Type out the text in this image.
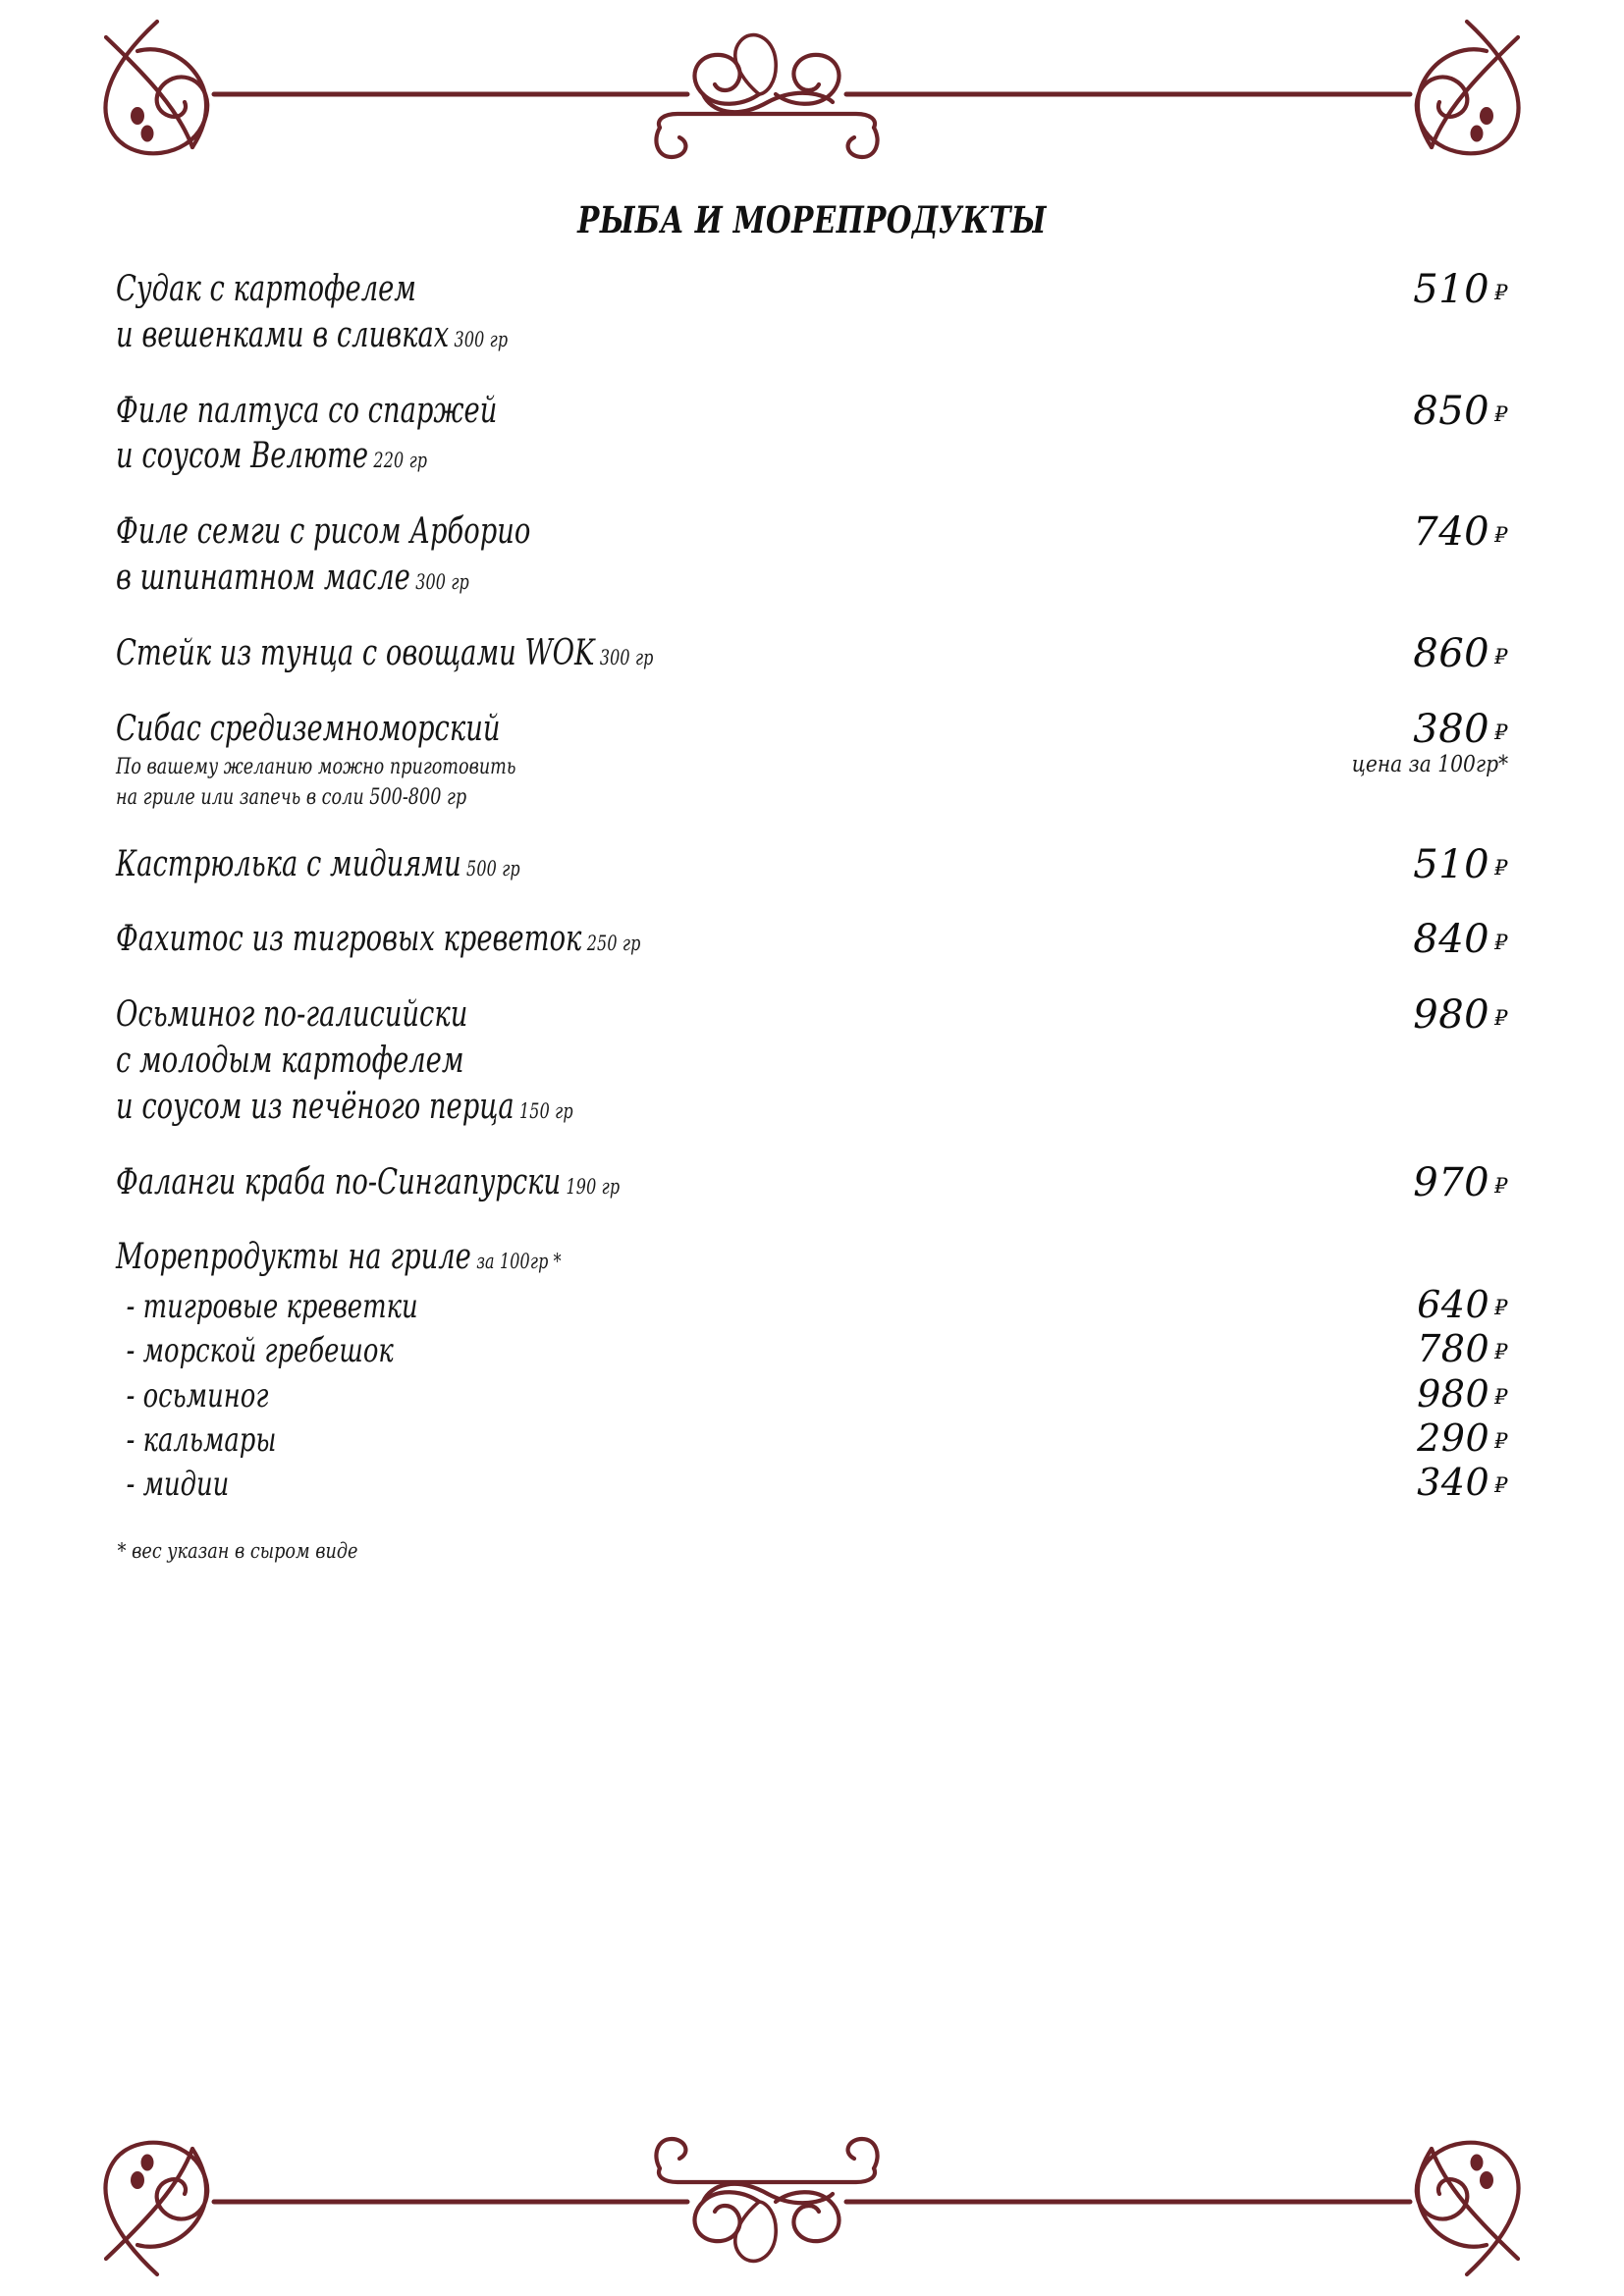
РЫБА И МОРЕПРОДУКТЫ
Судак с картофелем
и вешенками в сливках 300 гр
510 ₽
Филе палтуса со спаржей
и соусом Велюте 220 гр
850 ₽
Филе семги с рисом Арборио
в шпинатном масле 300 гр
740 ₽
Стейк из тунца с овощами WOK 300 гр	860 ₽
Сибас средиземноморский
По вашему желанию можно приготовить
на гриле или запечь в соли 500-800 гр
380 ₽
цена за 100гр*
Кастрюлька с мидиями 500 гр	510 ₽
Фахитос из тигровых креветок 250 гр	840 ₽
Осьминог по-галисийски
с молодым картофелем
и соусом из печёного перца 150 гр
980 ₽
Фаланги краба по-Сингапурски 190 гр	970 ₽
Морепродукты на гриле за 100гр *
- тигровые креветки	640 ₽
- морской гребешок	780 ₽
- осьминог	980 ₽
- кальмары	290 ₽
- мидии	340 ₽
* вес указан в сыром виде
